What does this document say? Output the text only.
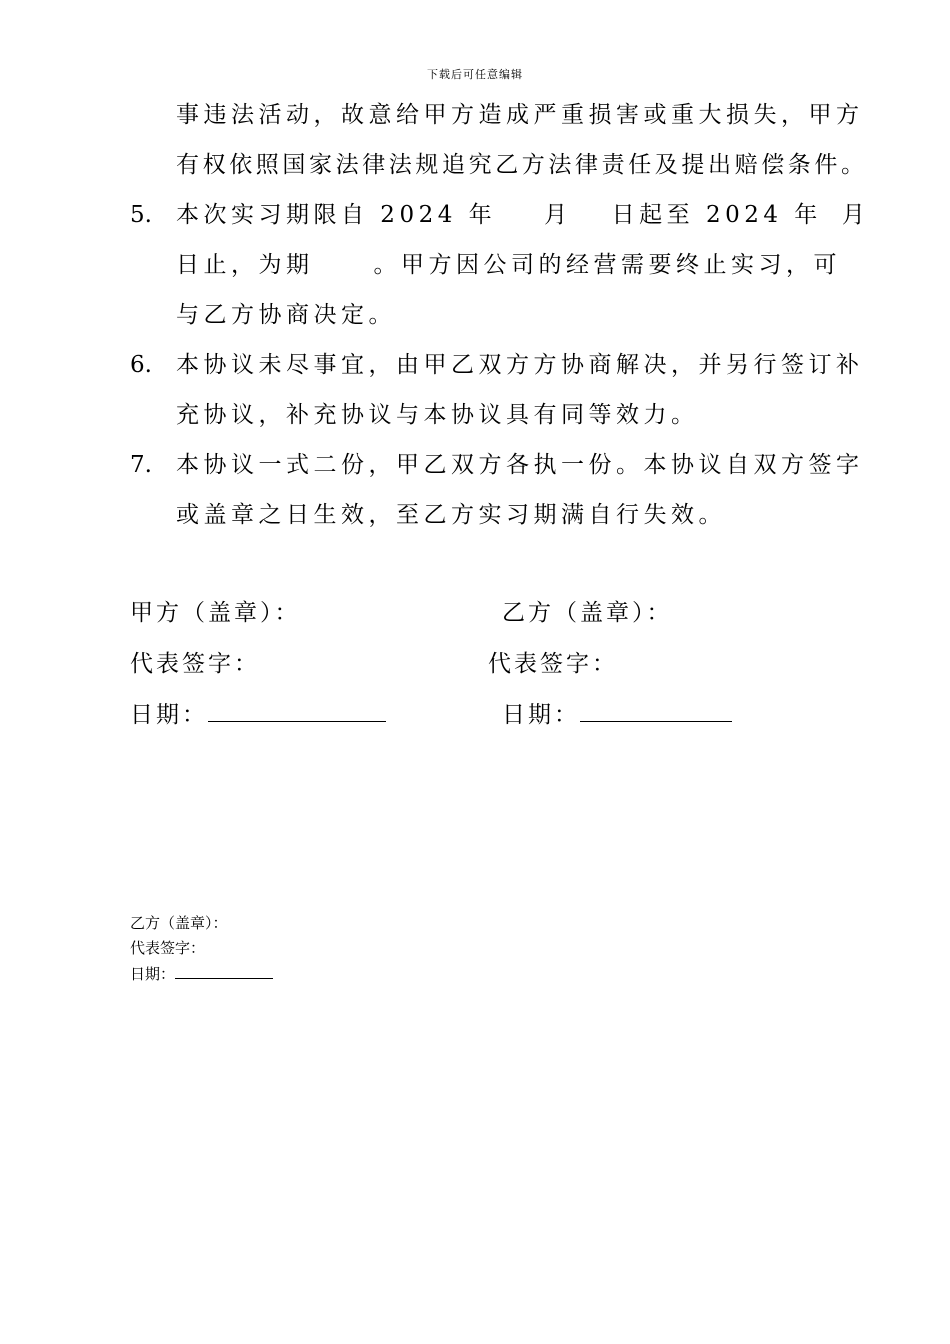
下载后可任意编辑
事违法活动，故意给甲方造成严重损害或重大损失，甲方
有权依照国家法律法规追究乙方法律责任及提出赔偿条件。
5. 本次实习期限自 2024 年 月 日起至 2024 年 月
日止，为期	。甲方因公司的经营需要终止实习，可
与乙方协商决定。
6. 本协议未尽事宜，由甲乙双方方协商解决，并另行签订补
充协议，补充协议与本协议具有同等效力。
7. 本协议一式二份，甲乙双方各执一份。本协议自双方签字
或盖章之日生效，至乙方实习期满自行失效。
甲方（盖章）：	乙方（盖章）：
代表签字：	代表签字：
日期：	日期：
乙方（盖章）：
代表签字：
日期：
